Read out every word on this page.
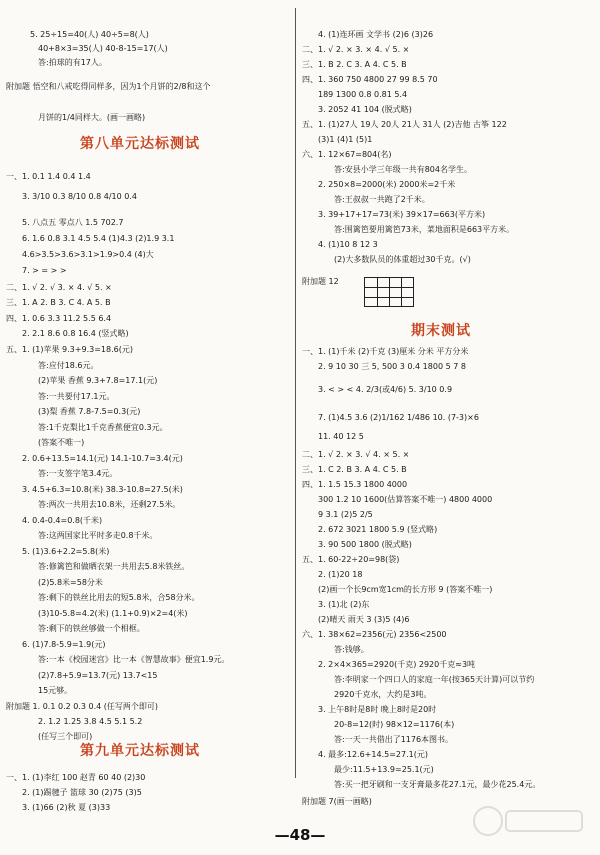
5. 25÷15=40(人) 40÷5=8(人)
40+8×3=35(人) 40-8-15=17(人)
答:拍球的有17人。
附加题 悟空和八戒吃得同样多，因为1个月饼的2/8和这个
月饼的1/4同样大。(画一画略)
第八单元达标测试
一、1. 0.1 1.4 0.4 1.4
3. 3/10 0.3 8/10 0.8 4/10 0.4
5. 八点五 零点八 1.5 702.7
6. 1.6 0.8 3.1 4.5 5.4 (1)4.3 (2)1.9 3.1
4.6>3.5>3.6>3.1>1.9>0.4 (4)大
7. > = > >
二、1. √ 2. √ 3. × 4. √ 5. ×
三、1. A 2. B 3. C 4. A 5. B
四、1. 0.6 3.3 11.2 5.5 6.4
2. 2.1 8.6 0.8 16.4 (竖式略)
五、1. (1)苹果 9.3+9.3=18.6(元)
答:应付18.6元。
(2)苹果 香蕉 9.3+7.8=17.1(元)
答:一共要付17.1元。
(3)梨 香蕉 7.8-7.5=0.3(元)
答:1千克梨比1千克香蕉便宜0.3元。
(答案不唯一)
2. 0.6+13.5=14.1(元) 14.1-10.7=3.4(元)
答:一支签字笔3.4元。
3. 4.5+6.3=10.8(米) 38.3-10.8=27.5(米)
答:两次一共用去10.8米，还剩27.5米。
4. 0.4-0.4=0.8(千米)
答:这两国家比平时多走0.8千米。
5. (1)3.6+2.2=5.8(米)
答:修篱笆和做晒衣架一共用去5.8米铁丝。
(2)5.8米=58分米
答:剩下的铁丝比用去的短5.8米，合58分米。
(3)10-5.8=4.2(米) (1.1+0.9)×2=4(米)
答:剩下的铁丝够做一个相框。
6. (1)7.8-5.9=1.9(元)
答:一本《校园迷宫》比一本《智慧故事》便宜1.9元。
(2)7.8+5.9=13.7(元) 13.7<15
15元够。
附加题 1. 0.1 0.2 0.3 0.4 (任写两个即可)
2. 1.2 1.25 3.8 4.5 5.1 5.2
(任写三个即可)
第九单元达标测试
一、1. (1)李红 100 赵青 60 40 (2)30
2. (1)踢毽子 篮球 30 (2)75 (3)5
3. (1)66 (2)秋 夏 (3)33
4. (1)连环画 文学书 (2)6 (3)26
二、1. √ 2. × 3. × 4. √ 5. ×
三、1. B 2. C 3. A 4. C 5. B
四、1. 360 750 4800 27 99 8.5 70
189 1300 0.8 0.81 5.4
3. 2052 41 104 (脱式略)
五、1. (1)27人 19人 20人 21人 31人 (2)吉他 古筝 122
(3)1 (4)1 (5)1
六、1. 12×67=804(名)
答:安县小学三年级一共有804名学生。
2. 250×8=2000(米) 2000米=2千米
答:王叔叔一共跑了2千米。
3. 39+17+17=73(米) 39×17=663(平方米)
答:围篱笆要用篱笆73米，菜地面积是663平方米。
4. (1)10 8 12 3
(2)大多数队员的体重超过30千克。(√)
附加题 12
期末测试
一、1. (1)千米 (2)千克 (3)厘米 分米 平方分米
2. 9 10 30 三 5, 500 3 0.4 1800 5 7 8
3. < > < 4. 2/3(或4/6) 5. 3/10 0.9
7. (1)4.5 3.6 (2)1/162 1/486 10. (7-3)×6
11. 40 12 5
二、1. √ 2. × 3. √ 4. × 5. ×
三、1. C 2. B 3. A 4. C 5. B
四、1. 1.5 15.3 1800 4000
300 1.2 10 1600(估算答案不唯一) 4800 4000
9 3.1 (2)5 2/5
2. 672 3021 1800 5.9 (竖式略)
3. 90 500 1800 (脱式略)
五、1. 60-22÷20=98(袋)
2. (1)20 18
(2)画一个长9cm宽1cm的长方形 9 (答案不唯一)
3. (1)北 (2)东
(2)晴天 雨天 3 (3)5 (4)6
六、1. 38×62=2356(元) 2356<2500
答:钱够。
2. 2×4×365=2920(千克) 2920千克≈3吨
答:李明家一个四口人的家庭一年(按365天计算)可以节约
2920千克水，大约是3吨。
3. 上午8时是8时 晚上8时是20时
20-8=12(时) 98×12=1176(本)
答:一天一共借出了1176本图书。
4. 最多:12.6+14.5=27.1(元)
最少:11.5+13.9=25.1(元)
答:买一把牙刷和一支牙膏最多花27.1元，最少花25.4元。
附加题 7(画一画略)
—48—
